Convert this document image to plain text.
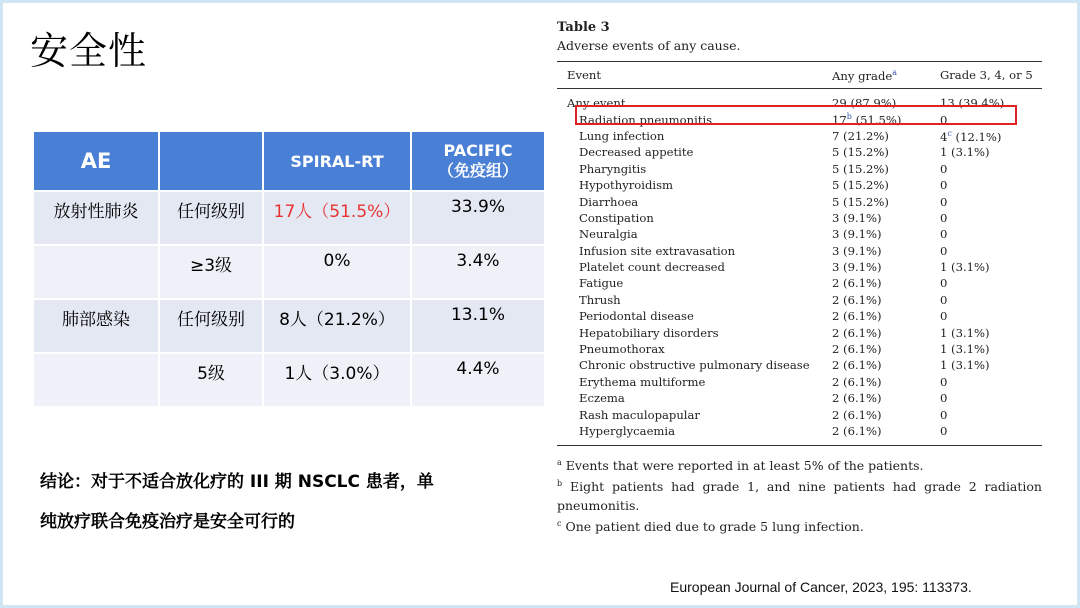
安全性
AE		SPIRAL-RT	PACIFIC
（免疫组）

放射性肺炎	任何级别	17人（51.5%）	33.9%
	≥3级	0%	3.4%
肺部感染	任何级别	8人（21.2%）	13.1%
	5级	1人（3.0%）	4.4%
结论：对于不适合放化疗的 III 期 NSCLC 患者，单
纯放疗联合免疫治疗是安全可行的
Table 3
Adverse events of any cause.
Event	Any grade$^a$	Grade 3, 4, or 5
Any event	29 (87.9%)	13 (39.4%)
Radiation pneumonitis	17$^b$ (51.5%)	0
Lung infection	7 (21.2%)	4$^c$ (12.1%)
Decreased appetite	5 (15.2%)	1 (3.1%)
Pharyngitis	5 (15.2%)	0
Hypothyroidism	5 (15.2%)	0
Diarrhoea	5 (15.2%)	0
Constipation	3 (9.1%)	0
Neuralgia	3 (9.1%)	0
Infusion site extravasation	3 (9.1%)	0
Platelet count decreased	3 (9.1%)	1 (3.1%)
Fatigue	2 (6.1%)	0
Thrush	2 (6.1%)	0
Periodontal disease	2 (6.1%)	0
Hepatobiliary disorders	2 (6.1%)	1 (3.1%)
Pneumothorax	2 (6.1%)	1 (3.1%)
Chronic obstructive pulmonary disease	2 (6.1%)	1 (3.1%)
Erythema multiforme	2 (6.1%)	0
Eczema	2 (6.1%)	0
Rash maculopapular	2 (6.1%)	0
Hyperglycaemia	2 (6.1%)	0

$^a$ Events that were reported in at least 5% of the patients.

$^b$ Eight patients had grade 1, and nine patients had grade 2 radiation pneumonitis.

$^c$ One patient died due to grade 5 lung infection.

European Journal of Cancer, 2023, 195: 113373.
